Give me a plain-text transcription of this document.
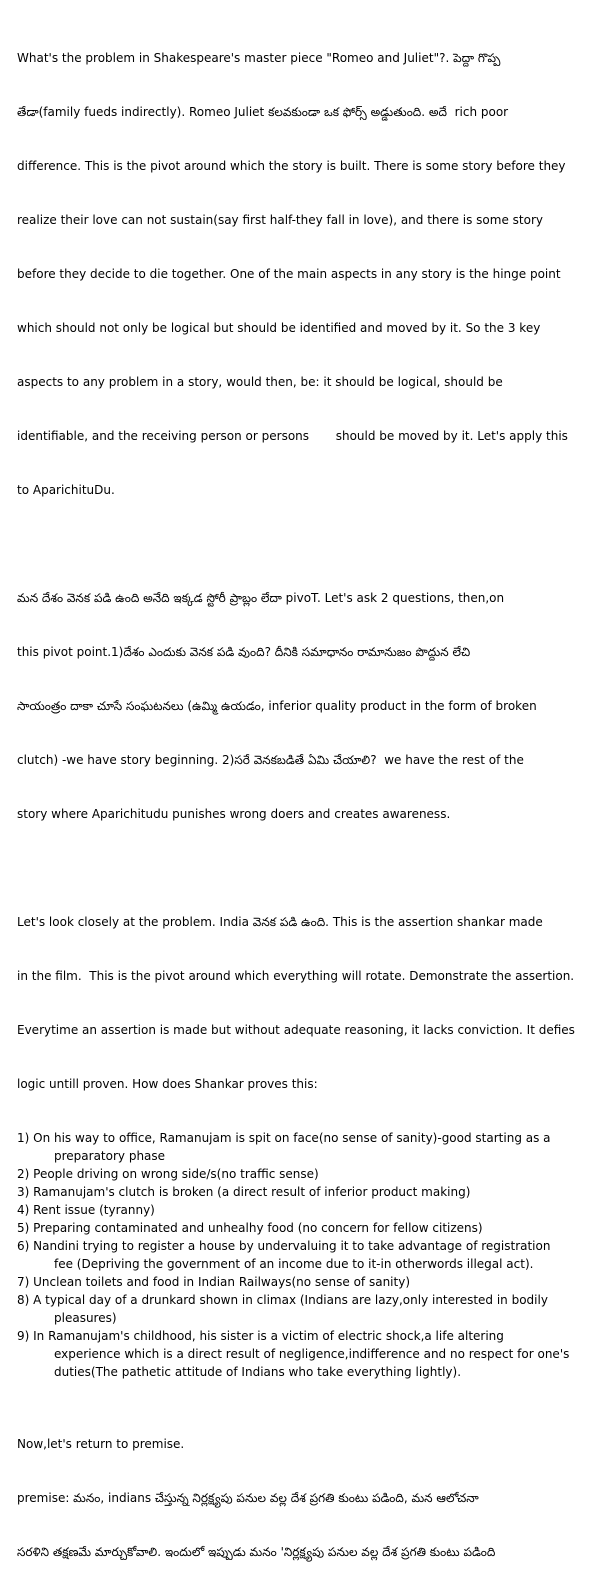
What's the problem in Shakespeare's master piece "Romeo and Juliet"?. పెద్దా గొప్ప

తేడా(family fueds indirectly). Romeo Juliet కలవకుండా ఒక ఫోర్స్ అడ్డుతుంది. అదే  rich poor

difference. This is the pivot around which the story is built. There is some story before they

realize their love can not sustain(say first half-they fall in love), and there is some story

before they decide to die together. One of the main aspects in any story is the hinge point

which should not only be logical but should be identified and moved by it. So the 3 key

aspects to any problem in a story, would then, be: it should be logical, should be

identifiable, and the receiving person or persons       should be moved by it. Let's apply this

to AparichituDu.

మన దేశం వెనక పడి ఉంది అనేది ఇక్కడ స్టోరీ ప్రాబ్లం లేదా pivoT. Let's ask 2 questions, then,on

this pivot point.1)దేశం ఎందుకు వెనక పడి వుంది? దీనికి సమాధానం రామానుజం పొద్దున లేచి

సాయంత్రం దాకా చూసే సంఘటనలు (ఉమ్మి ఉయడం, inferior quality product in the form of broken

clutch) -we have story beginning. 2)సరే వెనకబడితే ఏమి చేయాలి?  we have the rest of the

story where Aparichitudu punishes wrong doers and creates awareness.

Let's look closely at the problem. India వెనక పడి ఉంది. This is the assertion shankar made

in the film.  This is the pivot around which everything will rotate. Demonstrate the assertion.

Everytime an assertion is made but without adequate reasoning, it lacks conviction. It defies

logic untill proven. How does Shankar proves this:

1) On his way to office, Ramanujam is spit on face(no sense of sanity)-good starting as a
preparatory phase
2) People driving on wrong side/s(no traffic sense)
3) Ramanujam's clutch is broken (a direct result of inferior product making)
4) Rent issue (tyranny)
5) Preparing contaminated and unhealhy food (no concern for fellow citizens)
6) Nandini trying to register a house by undervaluing it to take advantage of registration
fee (Depriving the government of an income due to it-in otherwords illegal act).
7) Unclean toilets and food in Indian Railways(no sense of sanity)
8) A typical day of a drunkard shown in climax (Indians are lazy,only interested in bodily
pleasures)
9) In Ramanujam's childhood, his sister is a victim of electric shock,a life altering
experience which is a direct result of negligence,indifference and no respect for one's
duties(The pathetic attitude of Indians who take everything lightly).

Now,let's return to premise.

premise: మనం, indians చేస్తున్న నిర్లక్ష్యపు పనుల వల్ల దేశ ప్రగతి కుంటు పడింది, మన ఆలోచనా

సరళిని తక్షణమే మార్చుకోవాలి. ఇందులో ఇప్పుడు మనం 'నిర్లక్ష్యపు పనుల వల్ల దేశ ప్రగతి కుంటు పడింది
